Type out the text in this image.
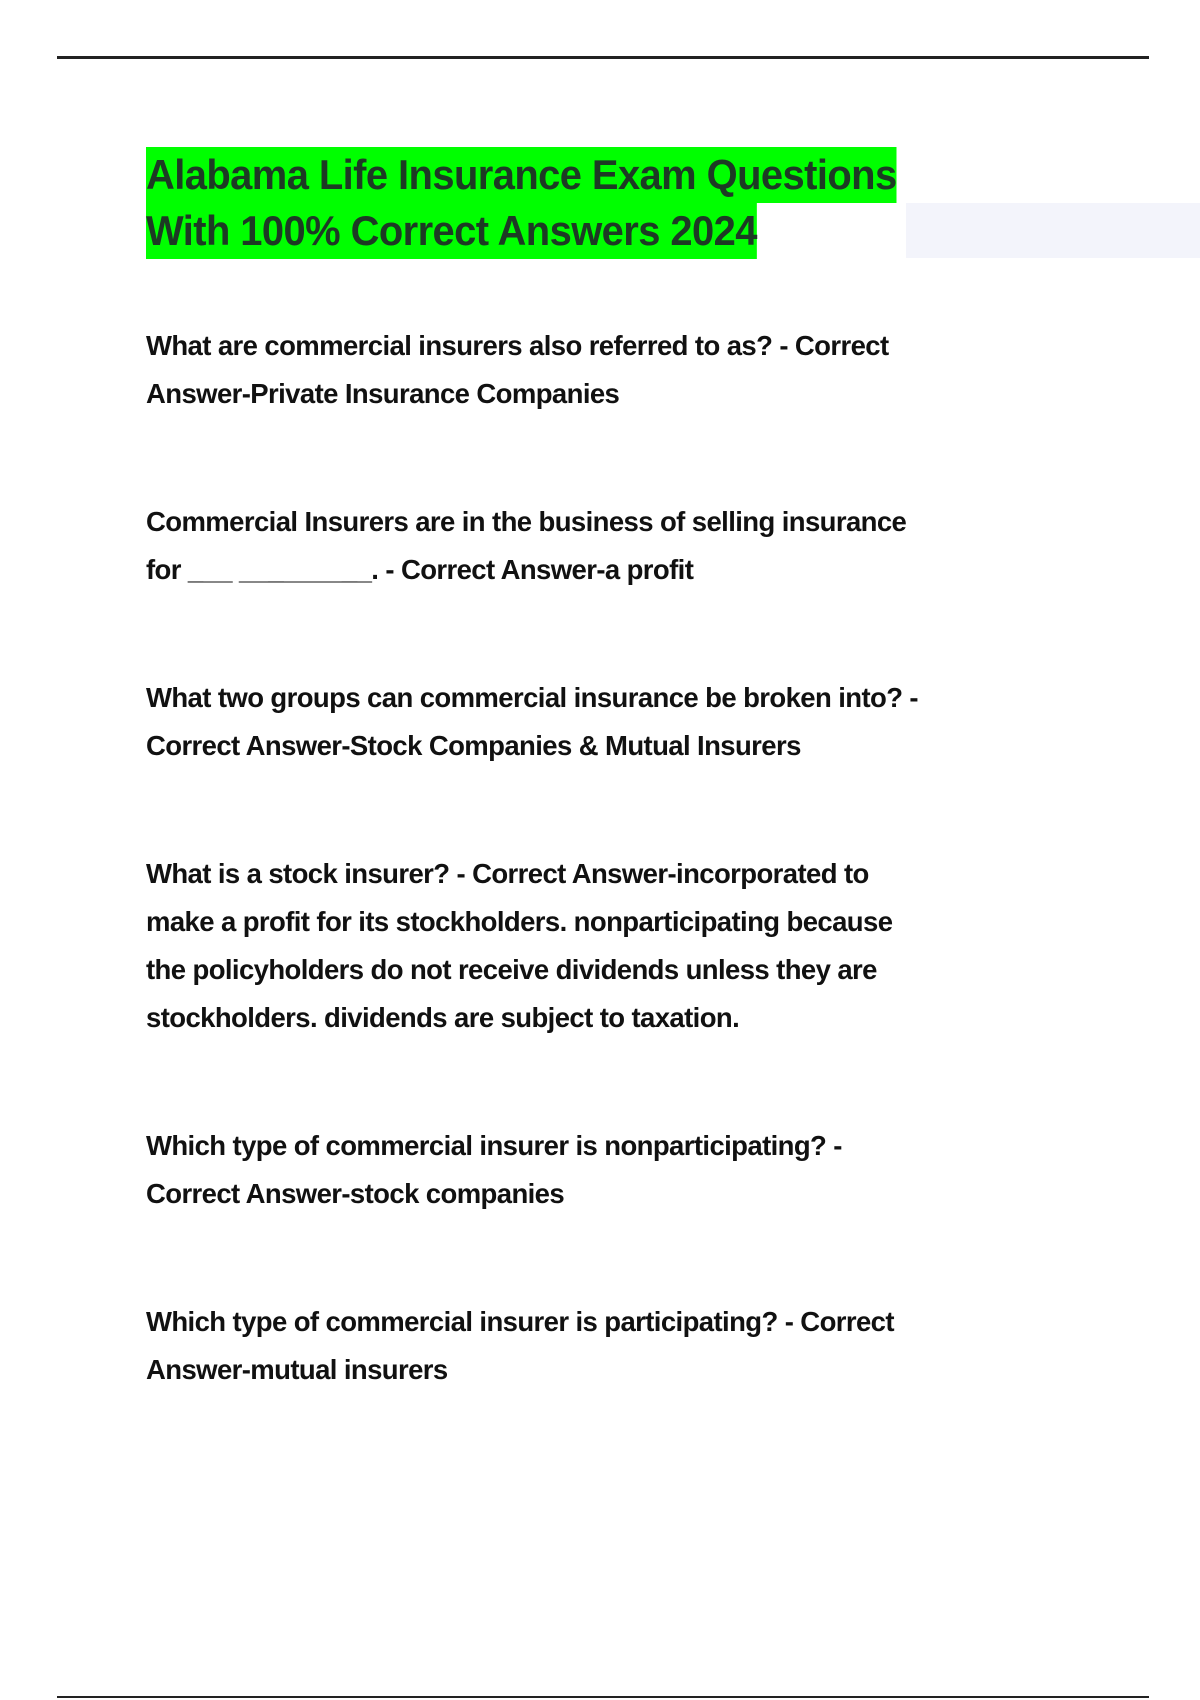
Alabama Life Insurance Exam Questions
With 100% Correct Answers 2024
What are commercial insurers also referred to as? - Correct
Answer-Private Insurance Companies
Commercial Insurers are in the business of selling insurance
for ___ _________. - Correct Answer-a profit
What two groups can commercial insurance be broken into? -
Correct Answer-Stock Companies & Mutual Insurers
What is a stock insurer? - Correct Answer-incorporated to
make a profit for its stockholders. nonparticipating because
the policyholders do not receive dividends unless they are
stockholders. dividends are subject to taxation.
Which type of commercial insurer is nonparticipating? -
Correct Answer-stock companies
Which type of commercial insurer is participating? - Correct
Answer-mutual insurers
